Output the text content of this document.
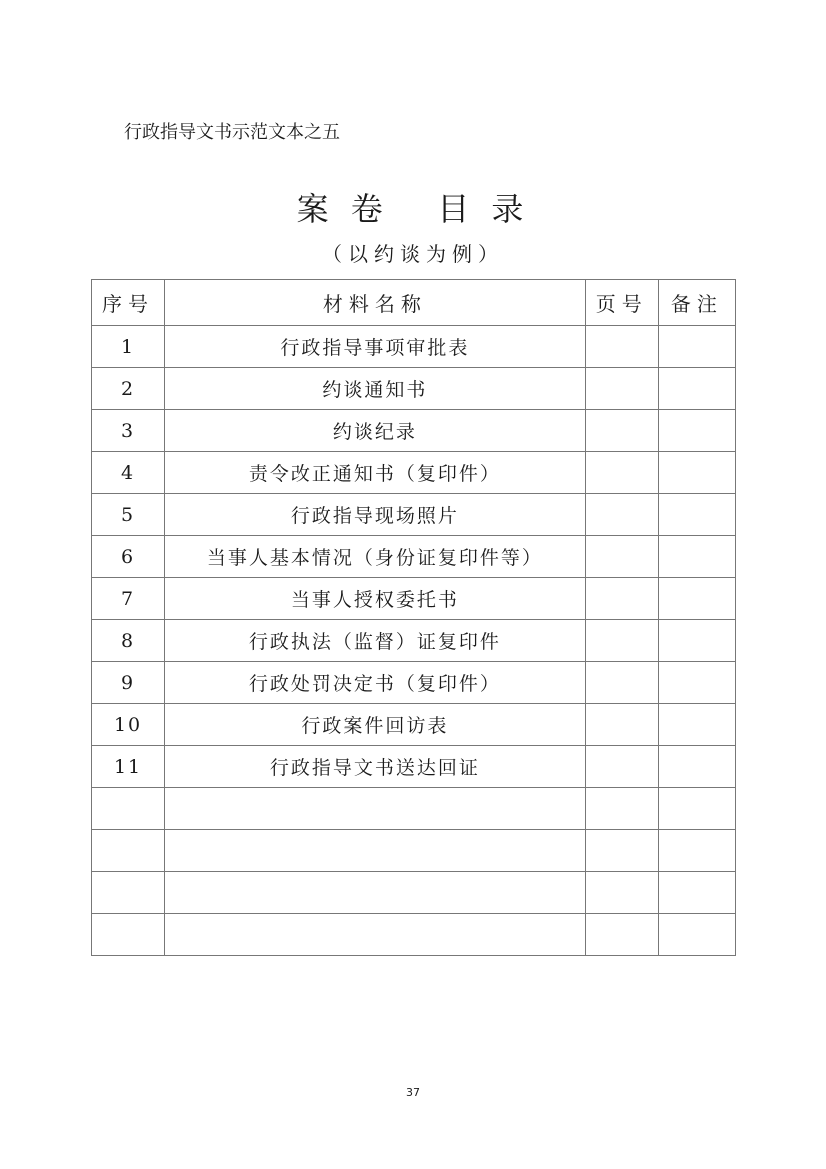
行政指导文书示范文本之五
案 卷   目 录
（以约谈为例）
序号	材料名称	页号	备注
1	行政指导事项审批表		
2	约谈通知书		
3	约谈纪录		
4	责令改正通知书（复印件）		
5	行政指导现场照片		
6	当事人基本情况（身份证复印件等）		
7	当事人授权委托书		
8	行政执法（监督）证复印件		
9	行政处罚决定书（复印件）		
10	行政案件回访表		
11	行政指导文书送达回证		

37
